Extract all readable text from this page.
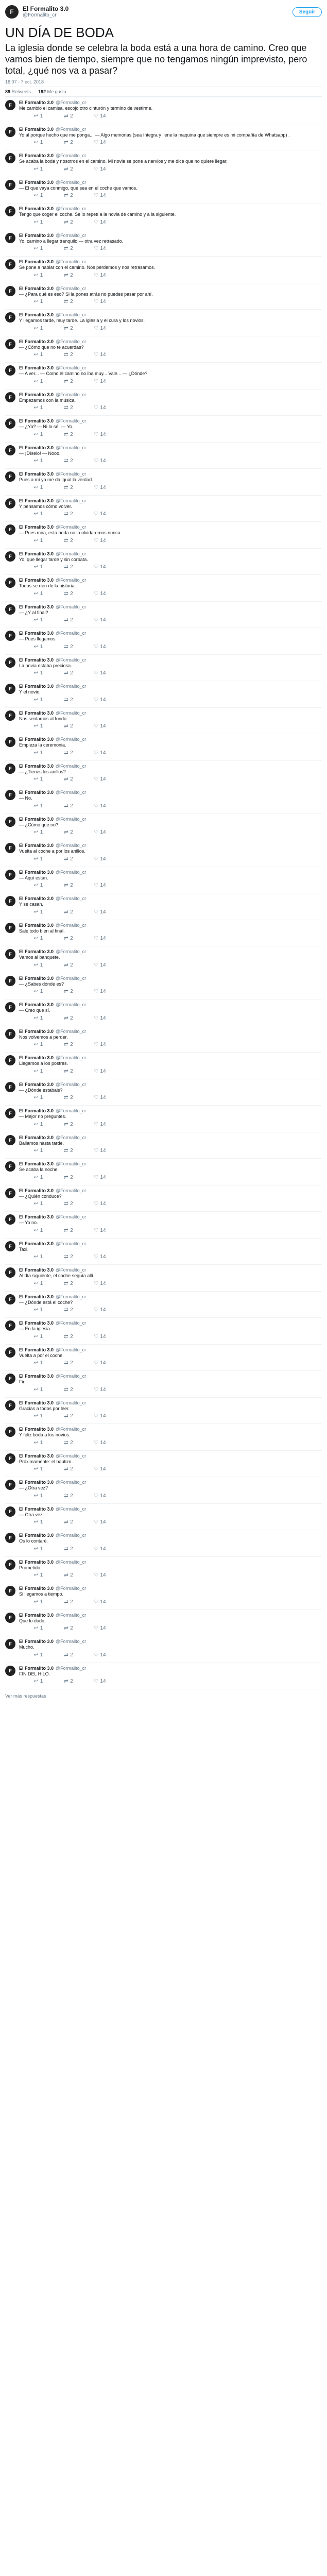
F	El Formalito 3.0
@Formalito_cr
Seguir
UN DÍA DE BODA
La iglesia donde se celebra la boda está a una hora de camino. Creo que vamos bien de tiempo, siempre que no tengamos ningún imprevisto, pero total, ¿qué nos va a pasar?
16:07 - 7 oct. 2018
89 Retweets 192 Me gusta
F	El Formalito 3.0 @Formalito_cr
Me cambio el camisa, escojo otro cinturón y termino de vestirme.
↩ 1	⇄ 2	♡ 14
F	El Formalito 3.0 @Formalito_cr
Yo al porque hecho que me ponga... — Algo memorias (sea íntegra y llene la maquina que siempre es mi compañía de Whatsapp) .
↩ 1	⇄ 2	♡ 14
F	El Formalito 3.0 @Formalito_cr
Se acaba la boda y nosotros en el camino. Mi novia se pone a nervios y me dice que no quiere llegar.
↩ 1	⇄ 2	♡ 14
F	El Formalito 3.0 @Formalito_cr
— El que vaya conmigo, que sea en el coche que vamos.
↩ 1	⇄ 2	♡ 14
F	El Formalito 3.0 @Formalito_cr
Tengo que coger el coche. Se lo repetí a la novia de camino y a la siguiente.
↩ 1	⇄ 2	♡ 14
F	El Formalito 3.0 @Formalito_cr
Yo, camino a llegar tranquilo — otra vez retrasado.
↩ 1	⇄ 2	♡ 14
F	El Formalito 3.0 @Formalito_cr
Se pone a hablar con el camino. Nos perdemos y nos retrasamos.
↩ 1	⇄ 2	♡ 14
F	El Formalito 3.0 @Formalito_cr
— ¿Para qué es eso? Si la pones atrás no puedes pasar por ahí.
↩ 1	⇄ 2	♡ 14
F	El Formalito 3.0 @Formalito_cr
Y llegamos tarde, muy tarde. La iglesia y el cura y los novios.
↩ 1	⇄ 2	♡ 14
F	El Formalito 3.0 @Formalito_cr
— ¿Cómo que no te acuerdas?
↩ 1	⇄ 2	♡ 14
F	El Formalito 3.0 @Formalito_cr
— A ver... — Como el camino no iba muy... Vale... — ¿Dónde?
↩ 1	⇄ 2	♡ 14
F	El Formalito 3.0 @Formalito_cr
Empezamos con la música.
↩ 1	⇄ 2	♡ 14
F	El Formalito 3.0 @Formalito_cr
— ¿Ya? — Ni lo sé. — Yo.
↩ 1	⇄ 2	♡ 14
F	El Formalito 3.0 @Formalito_cr
— ¡Díselo! — Nooo.
↩ 1	⇄ 2	♡ 14
F	El Formalito 3.0 @Formalito_cr
Pues a mí ya me da igual la verdad.
↩ 1	⇄ 2	♡ 14
F	El Formalito 3.0 @Formalito_cr
Y pensamos cómo volver.
↩ 1	⇄ 2	♡ 14
F	El Formalito 3.0 @Formalito_cr
— Pues mira, esta boda no la olvidaremos nunca.
↩ 1	⇄ 2	♡ 14
F	El Formalito 3.0 @Formalito_cr
Yo, que llegar tarde y sin corbata.
↩ 1	⇄ 2	♡ 14
F	El Formalito 3.0 @Formalito_cr
Todos se ríen de la historia.
↩ 1	⇄ 2	♡ 14
F	El Formalito 3.0 @Formalito_cr
— ¿Y al final?
↩ 1	⇄ 2	♡ 14
F	El Formalito 3.0 @Formalito_cr
— Pues llegamos.
↩ 1	⇄ 2	♡ 14
F	El Formalito 3.0 @Formalito_cr
La novia estaba preciosa.
↩ 1	⇄ 2	♡ 14
F	El Formalito 3.0 @Formalito_cr
Y el novio.
↩ 1	⇄ 2	♡ 14
F	El Formalito 3.0 @Formalito_cr
Nos sentamos al fondo.
↩ 1	⇄ 2	♡ 14
F	El Formalito 3.0 @Formalito_cr
Empieza la ceremonia.
↩ 1	⇄ 2	♡ 14
F	El Formalito 3.0 @Formalito_cr
— ¿Tienes los anillos?
↩ 1	⇄ 2	♡ 14
F	El Formalito 3.0 @Formalito_cr
— No.
↩ 1	⇄ 2	♡ 14
F	El Formalito 3.0 @Formalito_cr
— ¿Cómo que no?
↩ 1	⇄ 2	♡ 14
F	El Formalito 3.0 @Formalito_cr
Vuelta al coche a por los anillos.
↩ 1	⇄ 2	♡ 14
F	El Formalito 3.0 @Formalito_cr
— Aquí están.
↩ 1	⇄ 2	♡ 14
F	El Formalito 3.0 @Formalito_cr
Y se casan.
↩ 1	⇄ 2	♡ 14
F	El Formalito 3.0 @Formalito_cr
Sale todo bien al final.
↩ 1	⇄ 2	♡ 14
F	El Formalito 3.0 @Formalito_cr
Vamos al banquete.
↩ 1	⇄ 2	♡ 14
F	El Formalito 3.0 @Formalito_cr
— ¿Sabes dónde es?
↩ 1	⇄ 2	♡ 14
F	El Formalito 3.0 @Formalito_cr
— Creo que sí.
↩ 1	⇄ 2	♡ 14
F	El Formalito 3.0 @Formalito_cr
Nos volvemos a perder.
↩ 1	⇄ 2	♡ 14
F	El Formalito 3.0 @Formalito_cr
Llegamos a los postres.
↩ 1	⇄ 2	♡ 14
F	El Formalito 3.0 @Formalito_cr
— ¿Dónde estabais?
↩ 1	⇄ 2	♡ 14
F	El Formalito 3.0 @Formalito_cr
— Mejor no preguntes.
↩ 1	⇄ 2	♡ 14
F	El Formalito 3.0 @Formalito_cr
Bailamos hasta tarde.
↩ 1	⇄ 2	♡ 14
F	El Formalito 3.0 @Formalito_cr
Se acaba la noche.
↩ 1	⇄ 2	♡ 14
F	El Formalito 3.0 @Formalito_cr
— ¿Quién conduce?
↩ 1	⇄ 2	♡ 14
F	El Formalito 3.0 @Formalito_cr
— Yo no.
↩ 1	⇄ 2	♡ 14
F	El Formalito 3.0 @Formalito_cr
Taxi.
↩ 1	⇄ 2	♡ 14
F	El Formalito 3.0 @Formalito_cr
Al día siguiente, el coche seguía allí.
↩ 1	⇄ 2	♡ 14
F	El Formalito 3.0 @Formalito_cr
— ¿Dónde está el coche?
↩ 1	⇄ 2	♡ 14
F	El Formalito 3.0 @Formalito_cr
— En la iglesia.
↩ 1	⇄ 2	♡ 14
F	El Formalito 3.0 @Formalito_cr
Vuelta a por el coche.
↩ 1	⇄ 2	♡ 14
F	El Formalito 3.0 @Formalito_cr
Fin.
↩ 1	⇄ 2	♡ 14
F	El Formalito 3.0 @Formalito_cr
Gracias a todos por leer.
↩ 1	⇄ 2	♡ 14
F	El Formalito 3.0 @Formalito_cr
Y feliz boda a los novios.
↩ 1	⇄ 2	♡ 14
F	El Formalito 3.0 @Formalito_cr
Próximamente: el bautizo.
↩ 1	⇄ 2	♡ 14
F	El Formalito 3.0 @Formalito_cr
— ¿Otra vez?
↩ 1	⇄ 2	♡ 14
F	El Formalito 3.0 @Formalito_cr
— Otra vez.
↩ 1	⇄ 2	♡ 14
F	El Formalito 3.0 @Formalito_cr
Os lo contaré.
↩ 1	⇄ 2	♡ 14
F	El Formalito 3.0 @Formalito_cr
Prometido.
↩ 1	⇄ 2	♡ 14
F	El Formalito 3.0 @Formalito_cr
Si llegamos a tiempo.
↩ 1	⇄ 2	♡ 14
F	El Formalito 3.0 @Formalito_cr
Que lo dudo.
↩ 1	⇄ 2	♡ 14
F	El Formalito 3.0 @Formalito_cr
Mucho.
↩ 1	⇄ 2	♡ 14
F	El Formalito 3.0 @Formalito_cr
FIN DEL HILO.
↩ 1	⇄ 2	♡ 14
Ver más respuestas
